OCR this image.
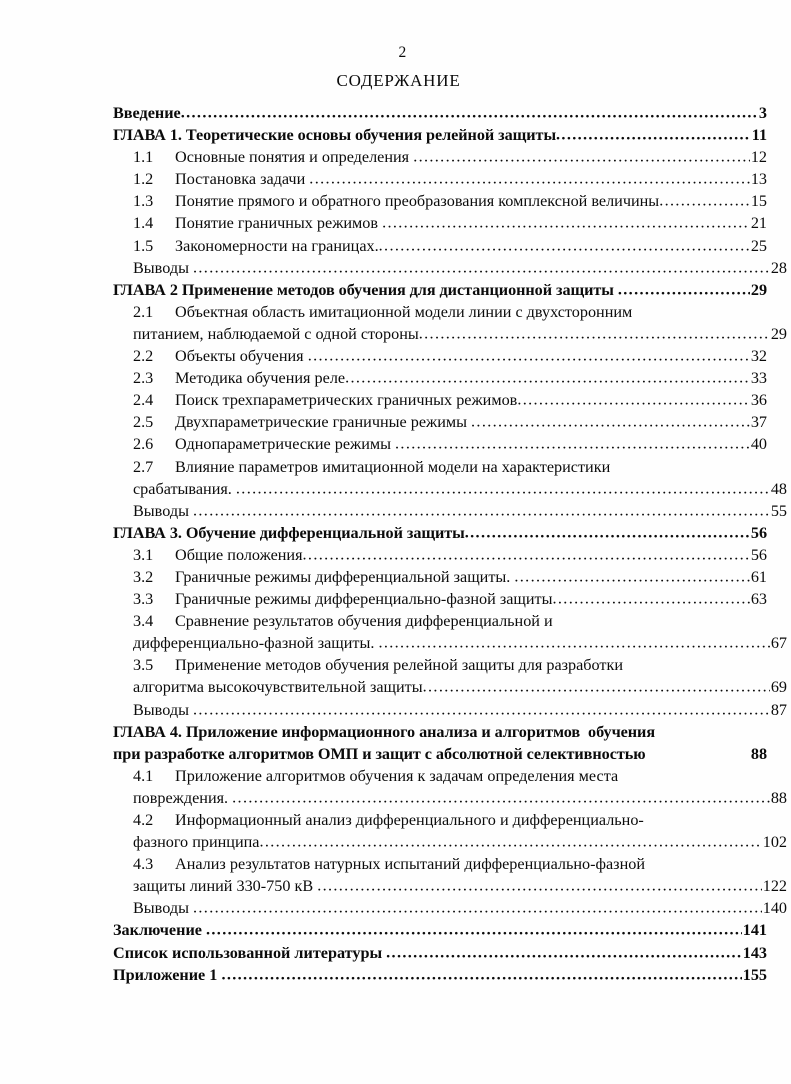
2
СОДЕРЖАНИЕ
Введение .....	3
ГЛАВА 1. Теоретические основы обучения релейной защиты .....	11
1.1	Основные понятия и определения .....	12
1.2	Постановка задачи .....	13
1.3	Понятие прямого и обратного преобразования комплексной величины .....	15
1.4	Понятие граничных режимов .....	21
1.5	Закономерности на границах. .....	25
Выводы .....	28
ГЛАВА 2 Применение методов обучения для дистанционной защиты .....	29
2.1	Объектная область имитационной модели линии с двухсторонним
питанием, наблюдаемой с одной стороны .....	29
2.2	Объекты обучения .....	32
2.3	Методика обучения реле .....	33
2.4	Поиск трехпараметрических граничных режимов .....	36
2.5	Двухпараметрические граничные режимы .....	37
2.6	Однопараметрические режимы .....	40
2.7	Влияние параметров имитационной модели на характеристики
срабатывания. .....	48
Выводы .....	55
ГЛАВА 3. Обучение дифференциальной защиты .....	56
3.1	Общие положения .....	56
3.2	Граничные режимы дифференциальной защиты. .....	61
3.3	Граничные режимы дифференциально-фазной защиты .....	63
3.4	Сравнение результатов обучения дифференциальной и
дифференциально-фазной защиты. .....	67
3.5	Применение методов обучения релейной защиты для разработки
алгоритма высокочувствительной защиты .....	69
Выводы .....	87
ГЛАВА 4. Приложение информационного анализа и алгоритмов  обучения
при разработке алгоритмов ОМП и защит с абсолютной селективностью	88
4.1	Приложение алгоритмов обучения к задачам определения места
повреждения. .....	88
4.2	Информационный анализ дифференциального и дифференциально-
фазного принципа .....	102
4.3	Анализ результатов натурных испытаний дифференциально-фазной
защиты линий 330-750 кВ .....	122
Выводы .....	140
Заключение .....	141
Список использованной литературы .....	143
Приложение 1 .....	155
